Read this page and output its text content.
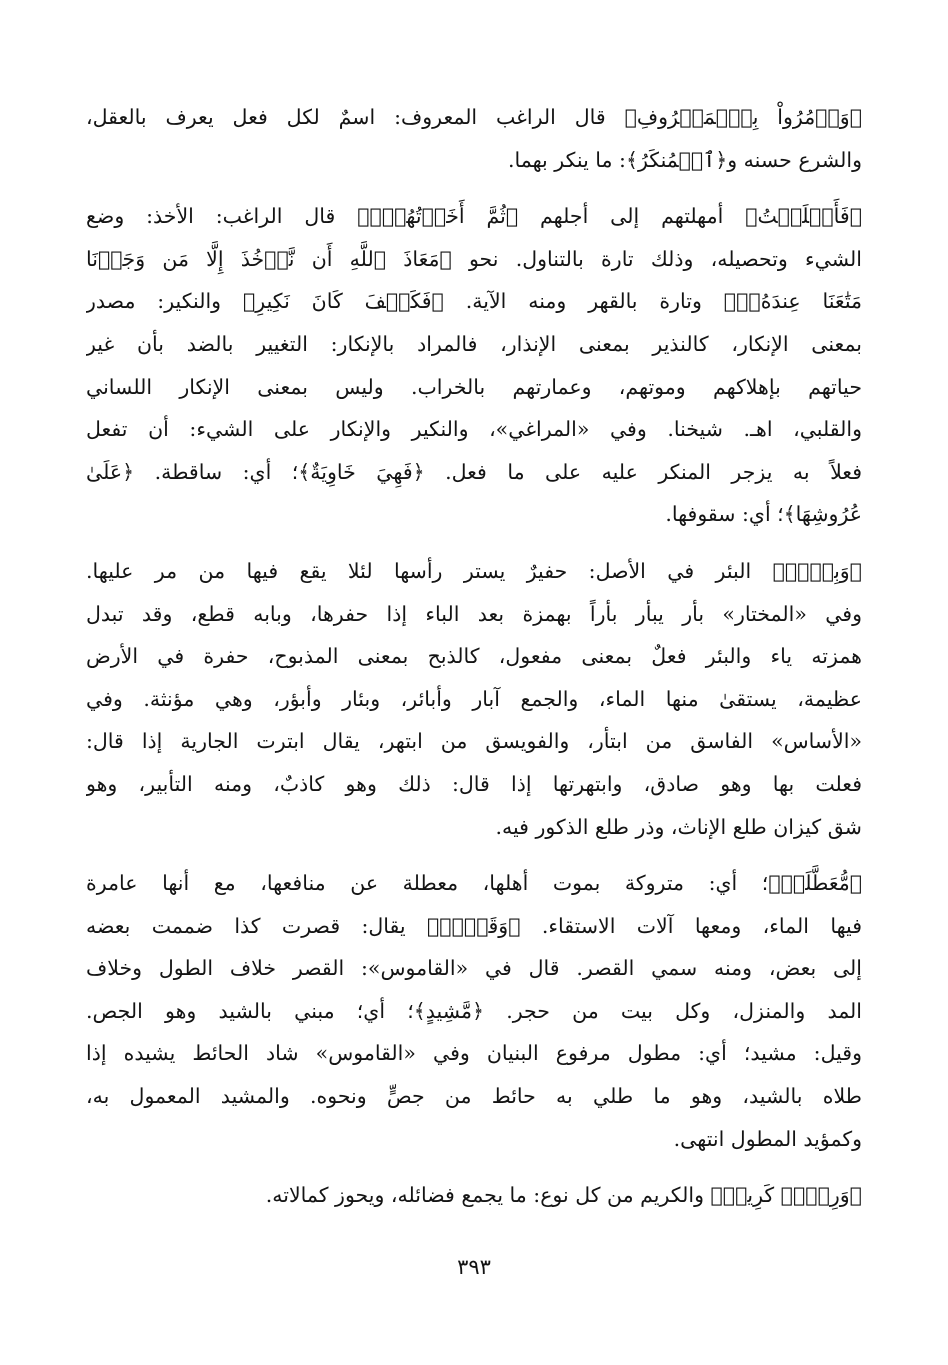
﴿وَأۡمُرُواْ بِٱلۡمَعۡرُوفِ﴾ قال الراغب المعروف: اسمٌ لكل فعل يعرف بالعقل،
والشرع حسنه و﴿ٱلۡمُنكَرُ﴾: ما ينكر بهما.

﴿فَأَمۡلَيۡتُ﴾ أمهلتهم إلى أجلهم ﴿ثُمَّ أَخَذۡتُهُمۡۖ﴾ قال الراغب: الأخذ: وضع
الشيء وتحصيله، وذلك تارة بالتناول. نحو ﴿مَعَاذَ ٱللَّهِ أَن نَّأۡخُذَ إِلَّا مَن وَجَدۡنَا
مَتَٰعَنَا عِندَهُۥٓ﴾ وتارة بالقهر ومنه الآية. ﴿فَكَيۡفَ كَانَ نَكِيرِ﴾ والنكير: مصدر
بمعنى الإنكار، كالنذير بمعنى الإنذار، فالمراد بالإنكار: التغيير بالضد بأن غير
حياتهم بإهلاكهم وموتهم، وعمارتهم بالخراب. وليس بمعنى الإنكار اللساني
والقلبي، اهـ. شيخنا. وفي «المراغي»، والنكير والإنكار على الشيء: أن تفعل
فعلاً به يزجر المنكر عليه على ما فعل. ﴿فَهِيَ خَاوِيَةٌ﴾؛ أي: ساقطة. ﴿عَلَىٰ
عُرُوشِهَا﴾؛ أي: سقوفها.

﴿وَبِئۡرٖ﴾ البئر في الأصل: حفيرٌ يستر رأسها لئلا يقع فيها من مر عليها.
وفي «المختار» بأر يبأر بأراً بهمزة بعد الباء إذا حفرها، وبابه قطع، وقد تبدل
همزته ياء والبئر فعلٌ بمعنى مفعول، كالذبح بمعنى المذبوح، حفرة في الأرض
عظيمة، يستقىٰ منها الماء، والجمع آبار وأبائر، وبئار وأبؤر، وهي مؤنثة. وفي
«الأساس» الفاسق من ابتأر، والفويسق من ابتهر، يقال ابترت الجارية إذا قال:
فعلت بها وهو صادق، وابتهرتها إذا قال: ذلك وهو كاذبٌ، ومنه التأبير، وهو
شق كيزان طلع الإناث، وذر طلع الذكور فيه.

﴿مُّعَطَّلَةٖ﴾؛ أي: متروكة بموت أهلها، معطلة عن منافعها، مع أنها عامرة
فيها الماء، ومعها آلات الاستقاء. ﴿وَقَصۡرٖ﴾ يقال: قصرت كذا ضممت بعضه
إلى بعض، ومنه سمي القصر. قال في «القاموس»: القصر خلاف الطول وخلاف
المد والمنزل، وكل بيت من حجر. ﴿مَّشِيدٍ﴾؛ أي؛ مبني بالشيد وهو الجص.
وقيل: مشيد؛ أي: مطول مرفوع البنيان وفي «القاموس» شاد الحائط يشيده إذا
طلاه بالشيد، وهو ما طلي به حائط من جصٍّ ونحوه. والمشيد المعمول به،
وكمؤيد المطول انتهى.

﴿وَرِزۡقٞ كَرِيمٞ﴾ والكريم من كل نوع: ما يجمع فضائله، ويحوز كمالاته.

٣٩٣
